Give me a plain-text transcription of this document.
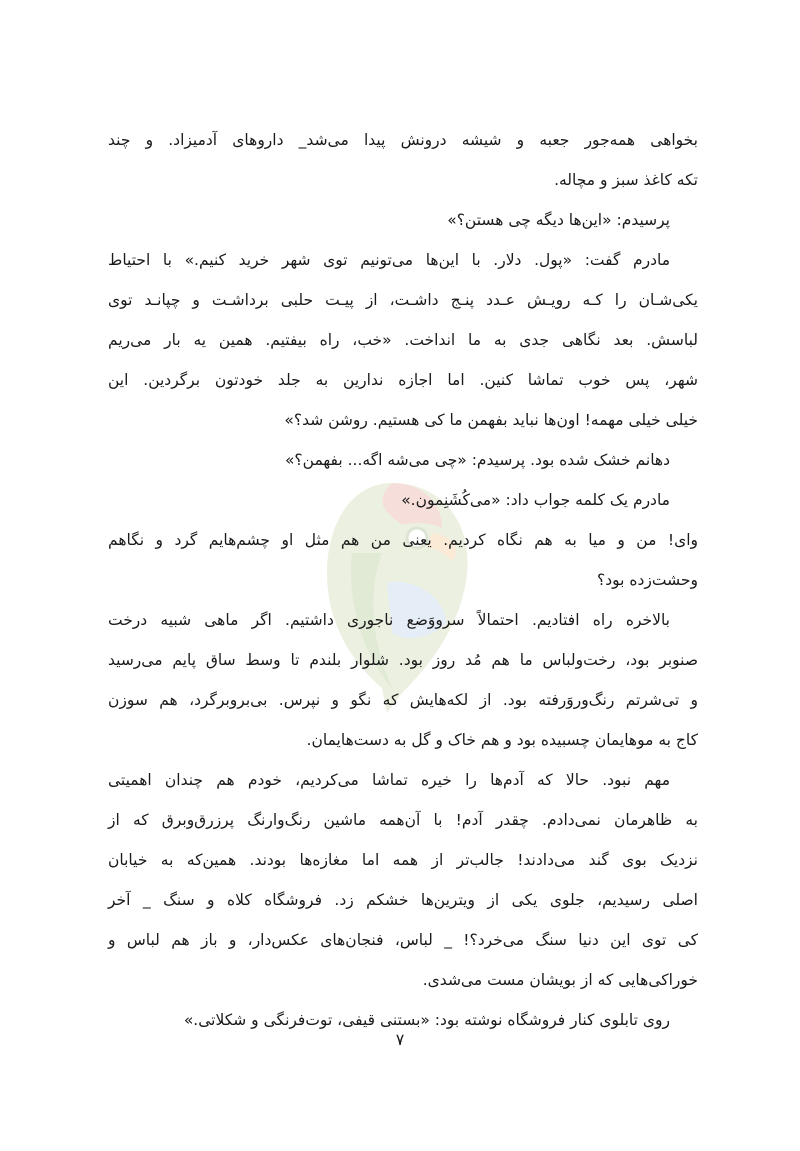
بخواهی همه‌جور جعبه و شیشه درونش پیدا می‌شد_ داروهای آدمیزاد. و چند
تکه کاغذ سبز و مچاله.
پرسیدم: «این‌ها دیگه چی هستن؟»
مادرم گفت: «پول. دلار. با این‌ها می‌تونیم توی شهر خرید کنیم.» با احتیاط
یکی‌شـان را کـه رویـش عـدد پنـج داشـت، از پیـت حلبی برداشـت و چپانـد توی
لباسش. بعد نگاهی جدی به ما انداخت. «خب، راه بیفتیم. همین یه بار می‌ریم
شهر، پس خوب تماشا کنین. اما اجازه ندارین به جلد خودتون برگردین. این
خیلی خیلی مهمه! اون‌ها نباید بفهمن ما کی هستیم. روشن شد؟»
دهانم خشک شده بود. پرسیدم: «چی می‌شه اگه... بفهمن؟»
مادرم یک کلمه جواب داد: «می‌کُشَنِمون.»
وای! من و میا به هم نگاه کردیم. یعنی من هم مثل او چشم‌هایم گرد و نگاهم
وحشت‌زده بود؟
بالاخره راه افتادیم. احتمالاً سرووَضع ناجوری داشتیم. اگر ماهی شبیه درخت
صنوبر بود، رخت‌ولباس ما هم مُد روز بود. شلوار بلندم تا وسط ساق پایم می‌رسید
و تی‌شرتم رنگ‌وروَرفته بود. از لکه‌هایش که نگو و نپرس. بی‌بروبرگرد، هم سوزن
کاج به موهایمان چسبیده بود و هم خاک و گل به دست‌هایمان.
مهم نبود. حالا که آدم‌ها را خیره تماشا می‌کردیم، خودم هم چندان اهمیتی
به ظاهرمان نمی‌دادم. چقدر آدم! با آن‌همه ماشین رنگ‌وارنگ پرزرق‌وبرق که از
نزدیک بوی گند می‌دادند! جالب‌تر از همه اما مغازه‌ها بودند. همین‌که به خیابان
اصلی رسیدیم، جلوی یکی از ویترین‌ها خشکم زد. فروشگاه کلاه و سنگ _ آخر
کی توی این دنیا سنگ می‌خرد؟! _ لباس، فنجان‌های عکس‌دار، و باز هم لباس و
خوراکی‌هایی که از بویشان مست می‌شدی.
روی تابلوی کنار فروشگاه نوشته بود: «بستنی قیفی، توت‌فرنگی و شکلاتی.»
۷
